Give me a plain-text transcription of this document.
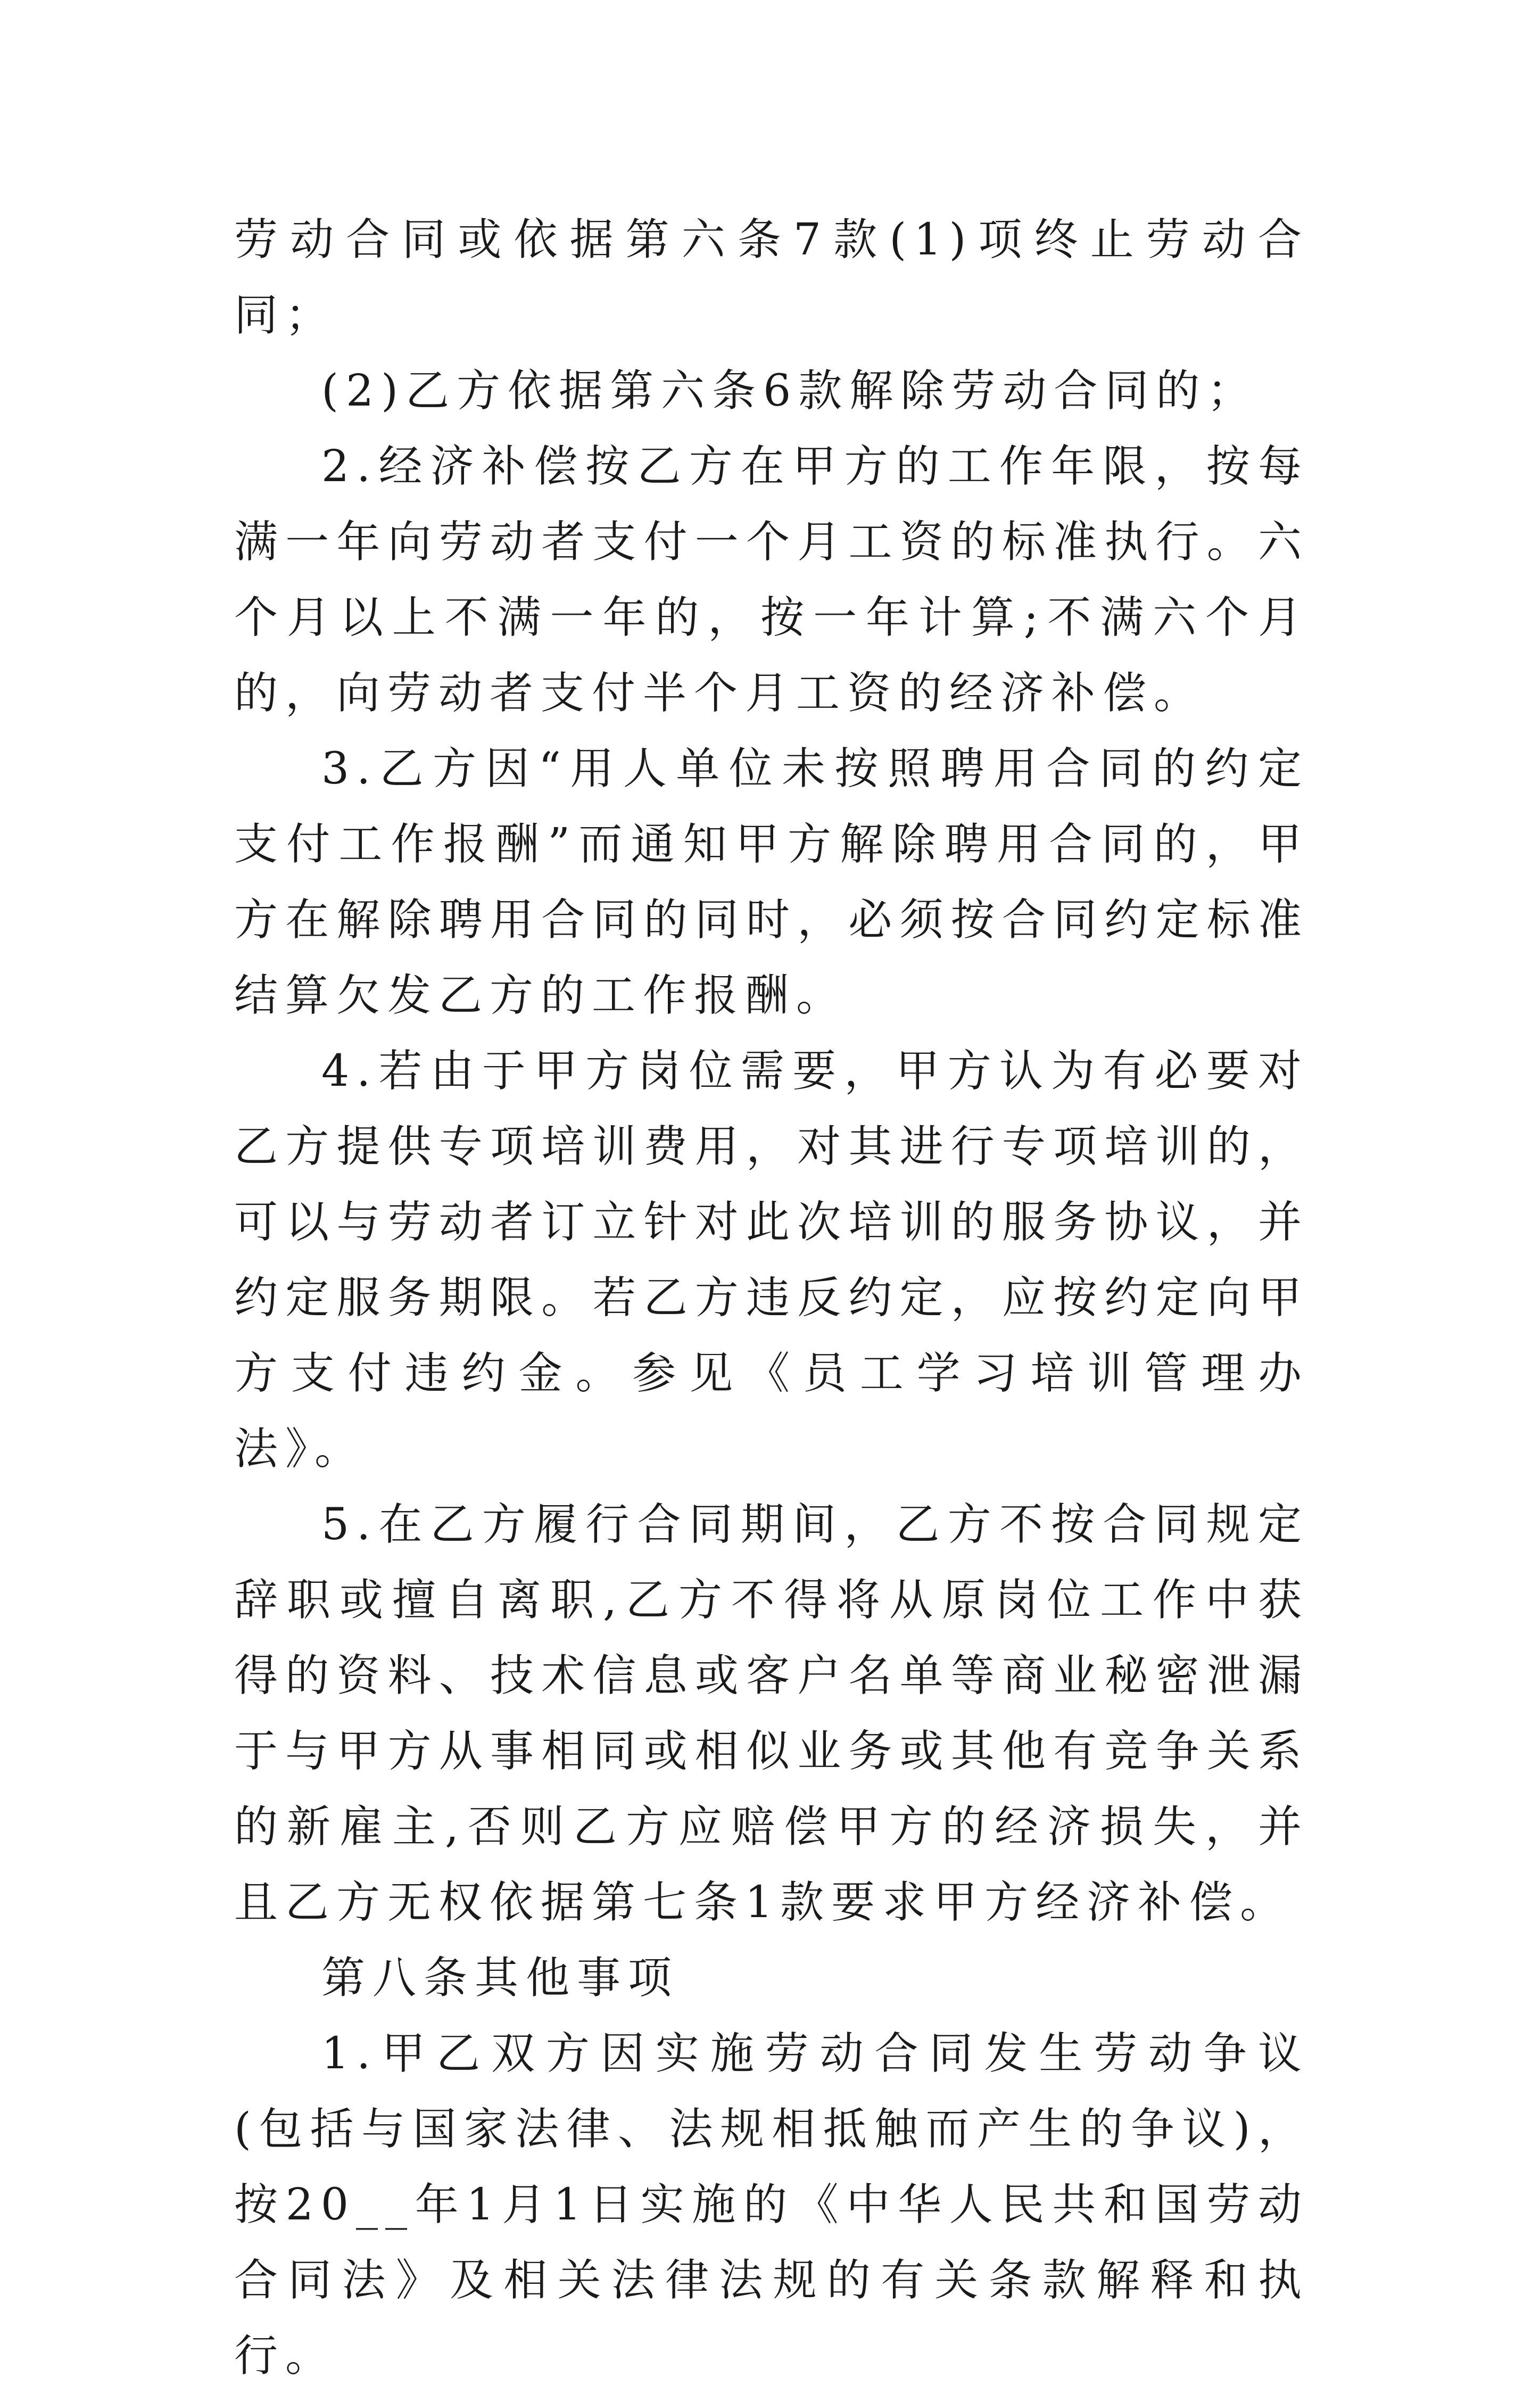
劳动合同或依据第六条7款(1)项终止劳动合同；

(2)乙方依据第六条6款解除劳动合同的；

2.经济补偿按乙方在甲方的工作年限，按每满一年向劳动者支付一个月工资的标准执行。六个月以上不满一年的，按一年计算;不满六个月的，向劳动者支付半个月工资的经济补偿。

3.乙方因“用人单位未按照聘用合同的约定支付工作报酬”而通知甲方解除聘用合同的，甲方在解除聘用合同的同时，必须按合同约定标准结算欠发乙方的工作报酬。

4.若由于甲方岗位需要，甲方认为有必要对乙方提供专项培训费用，对其进行专项培训的，可以与劳动者订立针对此次培训的服务协议，并约定服务期限。若乙方违反约定，应按约定向甲方支付违约金。参见《员工学习培训管理办法》。

5.在乙方履行合同期间，乙方不按合同规定辞职或擅自离职,乙方不得将从原岗位工作中获得的资料、技术信息或客户名单等商业秘密泄漏于与甲方从事相同或相似业务或其他有竞争关系的新雇主,否则乙方应赔偿甲方的经济损失，并且乙方无权依据第七条1款要求甲方经济补偿。

第八条其他事项

1.甲乙双方因实施劳动合同发生劳动争议(包括与国家法律、法规相抵触而产生的争议)，按20__年1月1日实施的《中华人民共和国劳动合同法》及相关法律法规的有关条款解释和执行。
